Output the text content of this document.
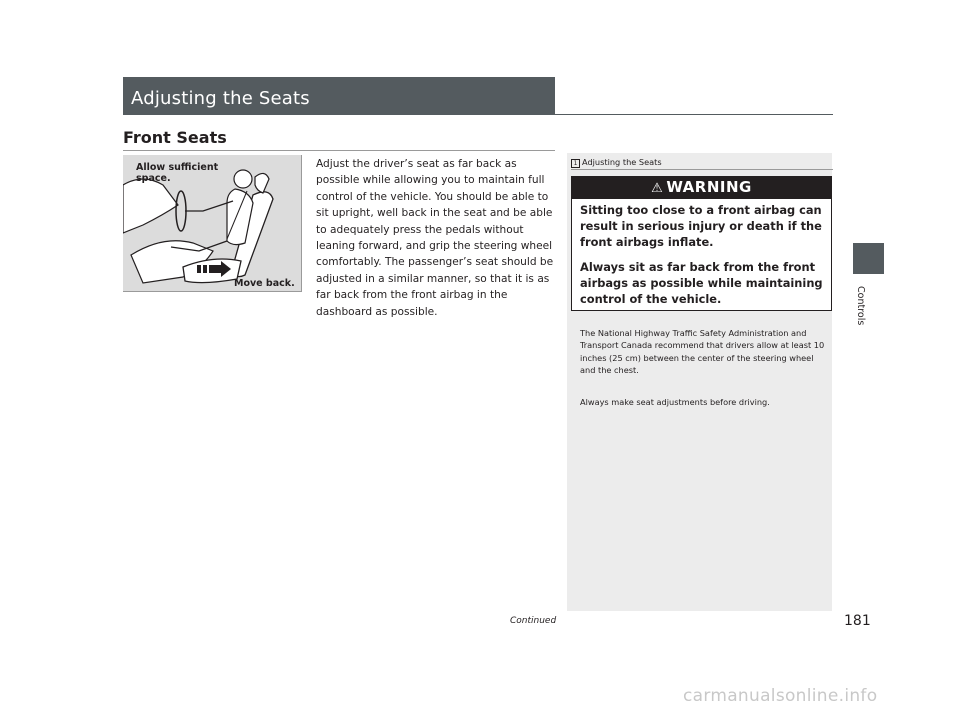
Adjusting the Seats
Front Seats
Allow sufficient
space.
Move back.
Adjust the driver’s seat as far back as possible while allowing you to maintain full control of the vehicle. You should be able to sit upright, well back in the seat and be able to adequately press the pedals without leaning forward, and grip the steering wheel comfortably. The passenger’s seat should be adjusted in a similar manner, so that it is as far back from the front airbag in the dashboard as possible.
1 Adjusting the Seats
⚠ WARNING
Sitting too close to a front airbag can result in serious injury or death if the front airbags inflate.
Always sit as far back from the front airbags as possible while maintaining control of the vehicle.
The National Highway Traffic Safety Administration and Transport Canada recommend that drivers allow at least 10 inches (25 cm) between the center of the steering wheel and the chest.
Always make seat adjustments before driving.
Controls
Continued	181
carmanualsonline.info
